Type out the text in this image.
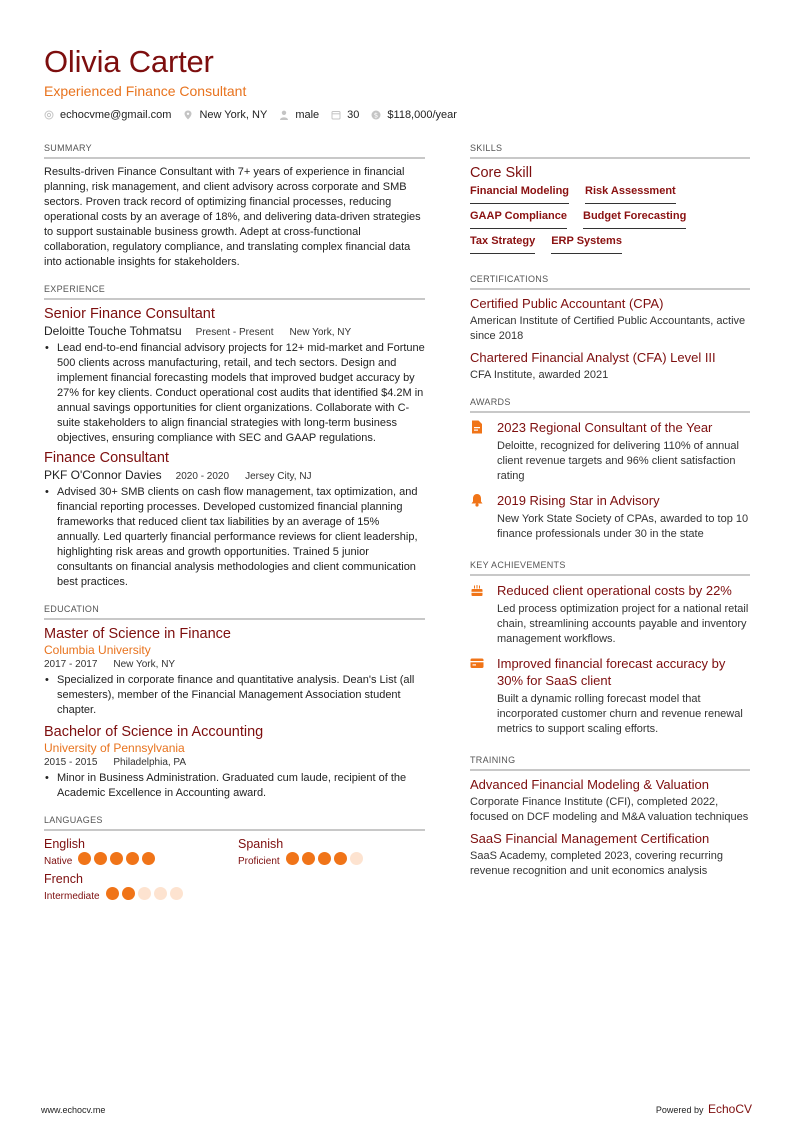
Olivia Carter
Experienced Finance Consultant
echocvme@gmail.com	New York, NY	male	30 $ $118,000/year
SUMMARY
Results-driven Finance Consultant with 7+ years of experience in financial planning, risk management, and client advisory across corporate and SMB sectors. Proven track record of optimizing financial processes, reducing operational costs by an average of 18%, and delivering data-driven strategies to support sustainable business growth. Adept at cross-functional collaboration, regulatory compliance, and translating complex financial data into actionable insights for stakeholders.
EXPERIENCE
Senior Finance Consultant
Deloitte Touche Tohmatsu Present - Present New York, NY
• Lead end-to-end financial advisory projects for 12+ mid-market and Fortune 500 clients across manufacturing, retail, and tech sectors. Design and implement financial forecasting models that improved budget accuracy by 27% for key clients. Conduct operational cost audits that identified $4.2M in annual savings opportunities for client organizations. Collaborate with C-suite stakeholders to align financial strategies with long-term business objectives, ensuring compliance with SEC and GAAP regulations.
Finance Consultant
PKF O'Connor Davies 2020 - 2020 Jersey City, NJ
• Advised 30+ SMB clients on cash flow management, tax optimization, and financial reporting processes. Developed customized financial planning frameworks that reduced client tax liabilities by an average of 15% annually. Led quarterly financial performance reviews for client leadership, highlighting risk areas and growth opportunities. Trained 5 junior consultants on financial analysis methodologies and client communication best practices.
EDUCATION
Master of Science in Finance
Columbia University
2017 - 2017 New York, NY
• Specialized in corporate finance and quantitative analysis. Dean's List (all semesters), member of the Financial Management Association student chapter.
Bachelor of Science in Accounting
University of Pennsylvania
2015 - 2015 Philadelphia, PA
• Minor in Business Administration. Graduated cum laude, recipient of the Academic Excellence in Accounting award.
LANGUAGES
English
Native
Spanish
Proficient
French
Intermediate
SKILLS
Core Skill
Financial Modeling Risk Assessment
GAAP Compliance Budget Forecasting
Tax Strategy ERP Systems
CERTIFICATIONS
Certified Public Accountant (CPA)
American Institute of Certified Public Accountants, active since 2018
Chartered Financial Analyst (CFA) Level III
CFA Institute, awarded 2021
AWARDS
2023 Regional Consultant of the Year
Deloitte, recognized for delivering 110% of annual client revenue targets and 96% client satisfaction rating
2019 Rising Star in Advisory
New York State Society of CPAs, awarded to top 10 finance professionals under 30 in the state
KEY ACHIEVEMENTS
Reduced client operational costs by 22%
Led process optimization project for a national retail chain, streamlining accounts payable and inventory management workflows.
Improved financial forecast accuracy by 30% for SaaS client
Built a dynamic rolling forecast model that incorporated customer churn and revenue renewal metrics to support scaling efforts.
TRAINING
Advanced Financial Modeling & Valuation
Corporate Finance Institute (CFI), completed 2022, focused on DCF modeling and M&A valuation techniques
SaaS Financial Management Certification
SaaS Academy, completed 2023, covering recurring revenue recognition and unit economics analysis
www.echocv.me	Powered by EchoCV
